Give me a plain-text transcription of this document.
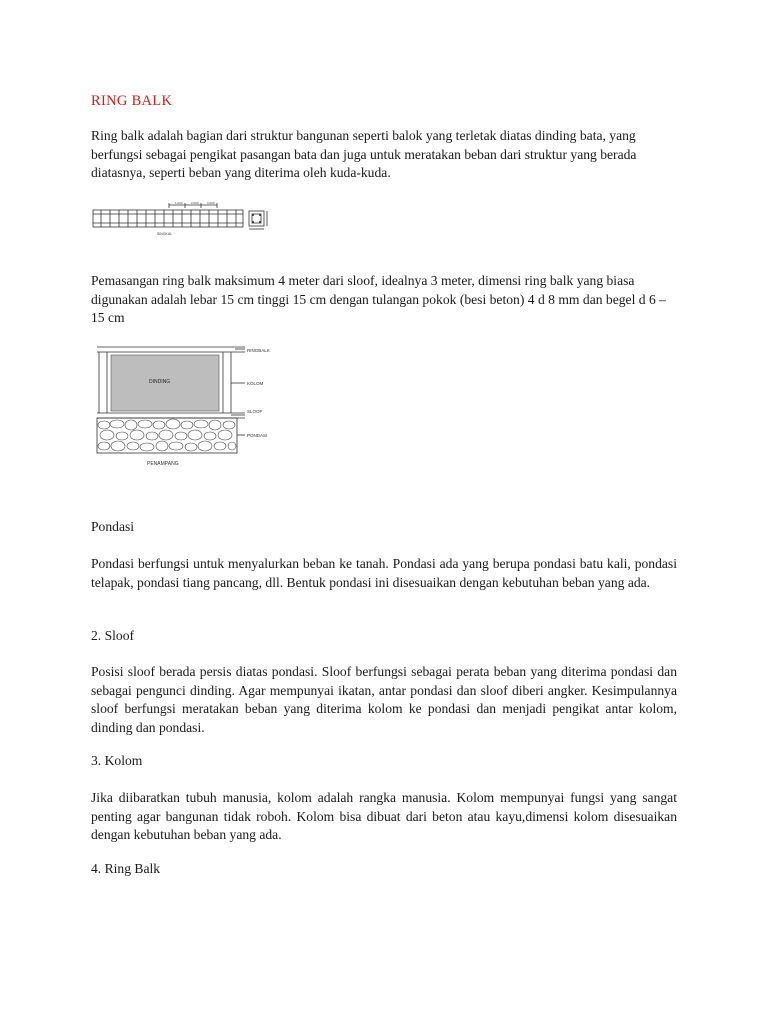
RING BALK
Ring balk adalah bagian dari struktur bangunan seperti balok yang terletak diatas dinding bata, yang berfungsi sebagai pengikat pasangan bata dan juga untuk meratakan beban dari struktur yang berada diatasnya, seperti beban yang diterima oleh kuda-kuda.
1.000	2.000	3.000
SINGKAL
Pemasangan ring balk maksimum 4 meter dari sloof, idealnya 3 meter, dimensi ring balk yang biasa digunakan adalah lebar 15 cm tinggi 15 cm dengan tulangan pokok (besi beton) 4 d 8 mm dan begel d 6 – 15 cm
DINDING
RINGBALK
KOLOM
SLOOF
PONDASI
PENAMPANG
Pondasi
Pondasi berfungsi untuk menyalurkan beban ke tanah. Pondasi ada yang berupa pondasi batu kali, pondasi telapak, pondasi tiang pancang, dll. Bentuk pondasi ini disesuaikan dengan kebutuhan beban yang ada.
2. Sloof
Posisi sloof berada persis diatas pondasi. Sloof berfungsi sebagai perata beban yang diterima pondasi dan sebagai pengunci dinding. Agar mempunyai ikatan, antar pondasi dan sloof diberi angker. Kesimpulannya sloof berfungsi meratakan beban yang diterima kolom ke pondasi dan menjadi pengikat antar kolom, dinding dan pondasi.
3. Kolom
Jika diibaratkan tubuh manusia, kolom adalah rangka manusia. Kolom mempunyai fungsi yang sangat penting agar bangunan tidak roboh. Kolom bisa dibuat dari beton atau kayu,dimensi kolom disesuaikan dengan kebutuhan beban yang ada.
4. Ring Balk
